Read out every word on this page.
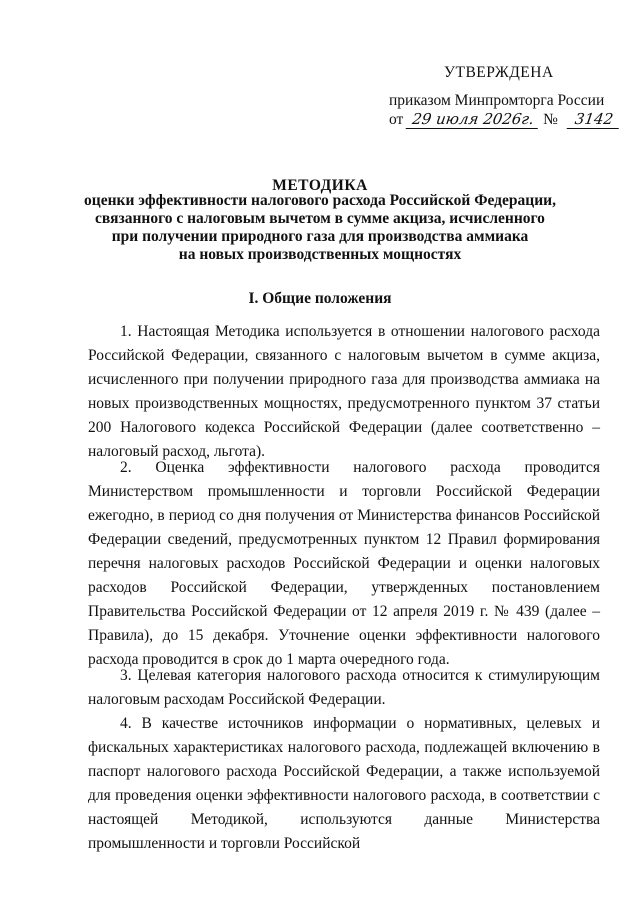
УТВЕРЖДЕНА
приказом Минпромторга России
от 29 июля 2026г. № 3142
МЕТОДИКА
оценки эффективности налогового расхода Российской Федерации,
связанного с налоговым вычетом в сумме акциза, исчисленного
при получении природного газа для производства аммиака
на новых производственных мощностях
I. Общие положения
1. Настоящая Методика используется в отношении налогового расхода Российской Федерации, связанного с налоговым вычетом в сумме акциза, исчисленного при получении природного газа для производства аммиака на новых производственных мощностях, предусмотренного пунктом 37 статьи 200 Налогового кодекса Российской Федерации (далее соответственно – налоговый расход, льгота).
2. Оценка эффективности налогового расхода проводится Министерством промышленности и торговли Российской Федерации ежегодно, в период со дня получения от Министерства финансов Российской Федерации сведений, предусмотренных пунктом 12 Правил формирования перечня налоговых расходов Российской Федерации и оценки налоговых расходов Российской Федерации, утвержденных постановлением Правительства Российской Федерации от 12 апреля 2019 г. № 439 (далее – Правила), до 15 декабря. Уточнение оценки эффективности налогового расхода проводится в срок до 1 марта очередного года.
3. Целевая категория налогового расхода относится к стимулирующим налоговым расходам Российской Федерации.
4. В качестве источников информации о нормативных, целевых и фискальных характеристиках налогового расхода, подлежащей включению в паспорт налогового расхода Российской Федерации, а также используемой для проведения оценки эффективности налогового расхода, в соответствии с настоящей Методикой, используются данные Министерства промышленности и торговли Российской
